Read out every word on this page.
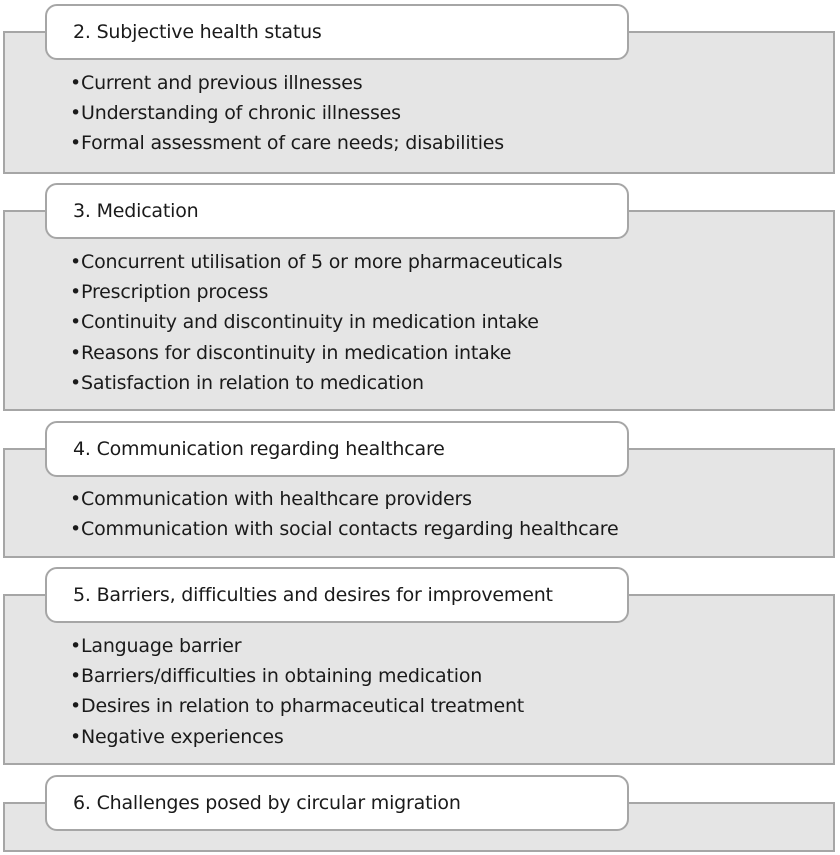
2. Subjective health status
•Current and previous illnesses
•Understanding of chronic illnesses
•Formal assessment of care needs; disabilities
3. Medication
•Concurrent utilisation of 5 or more pharmaceuticals
•Prescription process
•Continuity and discontinuity in medication intake
•Reasons for discontinuity in medication intake
•Satisfaction in relation to medication
4. Communication regarding healthcare
•Communication with healthcare providers
•Communication with social contacts regarding healthcare
5. Barriers, difficulties and desires for improvement
•Language barrier
•Barriers/difficulties in obtaining medication
•Desires in relation to pharmaceutical treatment
•Negative experiences
6. Challenges posed by circular migration
